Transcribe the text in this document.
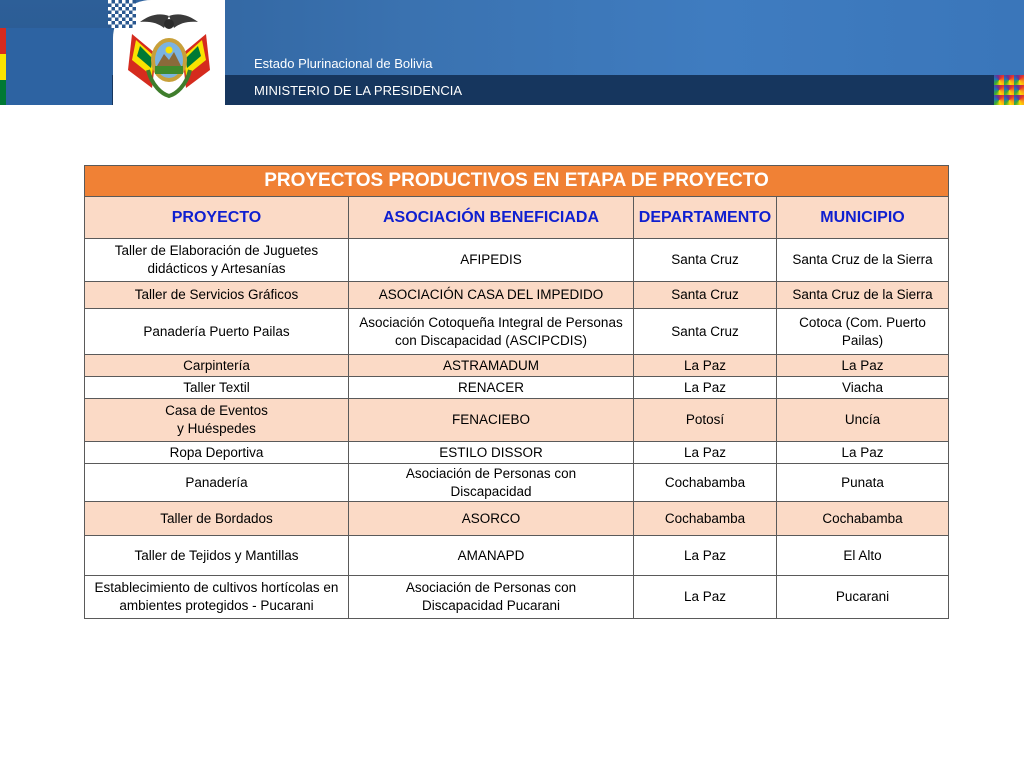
Estado Plurinacional de Bolivia
MINISTERIO DE LA PRESIDENCIA
PROYECTOS PRODUCTIVOS EN ETAPA DE PROYECTO			
PROYECTO	ASOCIACIÓN BENEFICIADA	DEPARTAMENTO	MUNICIPIO
Taller de Elaboración de Juguetes didácticos y Artesanías	AFIPEDIS	Santa Cruz	Santa Cruz de la Sierra
Taller de Servicios Gráficos	ASOCIACIÓN CASA DEL IMPEDIDO	Santa Cruz	Santa Cruz de la Sierra
Panadería Puerto Pailas	Asociación Cotoqueña Integral de Personas con Discapacidad (ASCIPCDIS)	Santa Cruz	Cotoca (Com. Puerto Pailas)
Carpintería	ASTRAMADUM	La Paz	La Paz
Taller Textil	RENACER	La Paz	Viacha
Casa de Eventos y Huéspedes	FENACIEBO	Potosí	Uncía
Ropa Deportiva	ESTILO DISSOR	La Paz	La Paz
Panadería	Asociación de Personas con Discapacidad	Cochabamba	Punata
Taller de Bordados	ASORCO	Cochabamba	Cochabamba
Taller de Tejidos y Mantillas	AMANAPD	La Paz	El Alto
Establecimiento de cultivos hortícolas en ambientes protegidos - Pucarani	Asociación de Personas con Discapacidad Pucarani	La Paz	Pucarani
